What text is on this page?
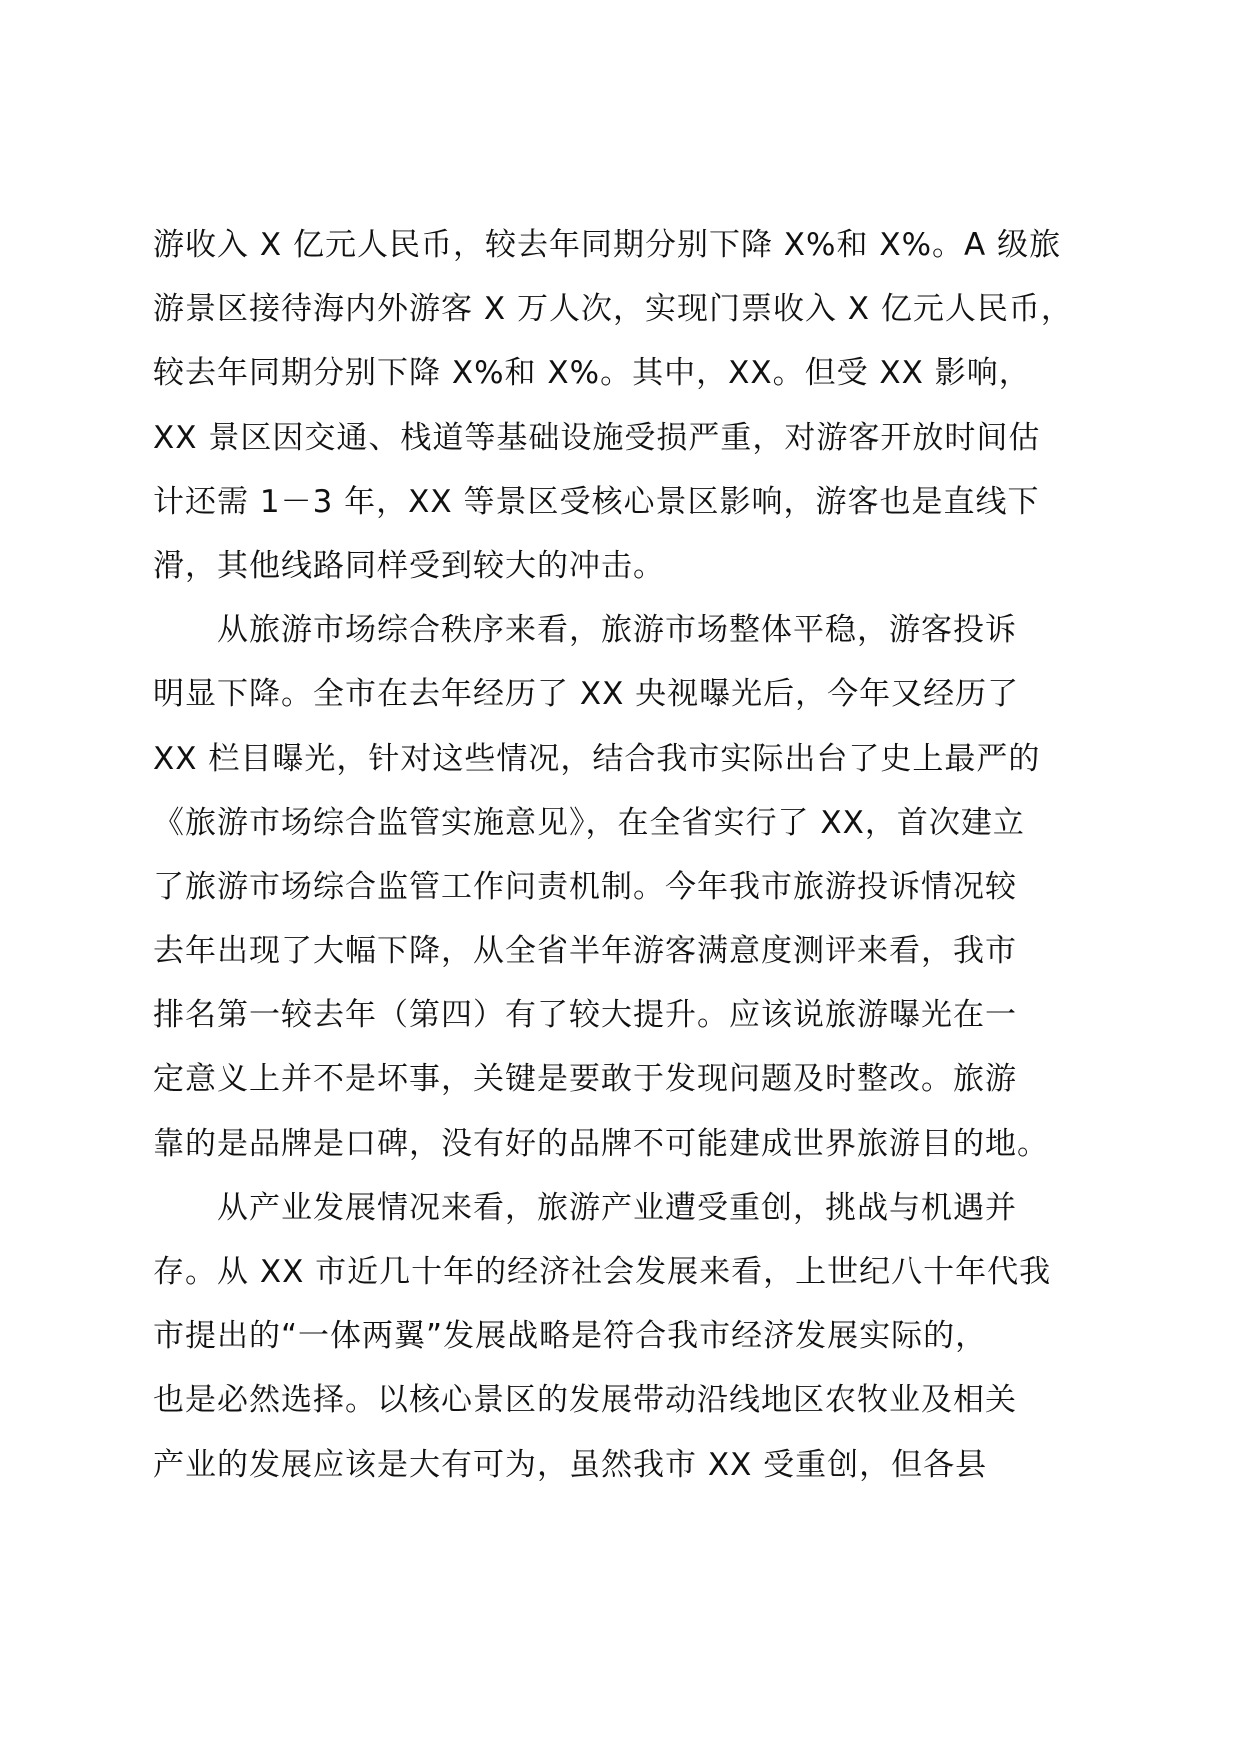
游收入 X 亿元人民币，较去年同期分别下降 X%和 X%。A 级旅
游景区接待海内外游客 X 万人次，实现门票收入 X 亿元人民币，
较去年同期分别下降 X%和 X%。其中，XX。但受 XX 影响，
XX 景区因交通、栈道等基础设施受损严重，对游客开放时间估
计还需 1－3 年，XX 等景区受核心景区影响，游客也是直线下
滑，其他线路同样受到较大的冲击。
从旅游市场综合秩序来看，旅游市场整体平稳，游客投诉
明显下降。全市在去年经历了 XX 央视曝光后，今年又经历了
XX 栏目曝光，针对这些情况，结合我市实际出台了史上最严的
《旅游市场综合监管实施意见》，在全省实行了 XX，首次建立
了旅游市场综合监管工作问责机制。今年我市旅游投诉情况较
去年出现了大幅下降，从全省半年游客满意度测评来看，我市
排名第一较去年（第四）有了较大提升。应该说旅游曝光在一
定意义上并不是坏事，关键是要敢于发现问题及时整改。旅游
靠的是品牌是口碑，没有好的品牌不可能建成世界旅游目的地。
从产业发展情况来看，旅游产业遭受重创，挑战与机遇并
存。从 XX 市近几十年的经济社会发展来看，上世纪八十年代我
市提出的“一体两翼”发展战略是符合我市经济发展实际的，
也是必然选择。以核心景区的发展带动沿线地区农牧业及相关
产业的发展应该是大有可为，虽然我市 XX 受重创，但各县
